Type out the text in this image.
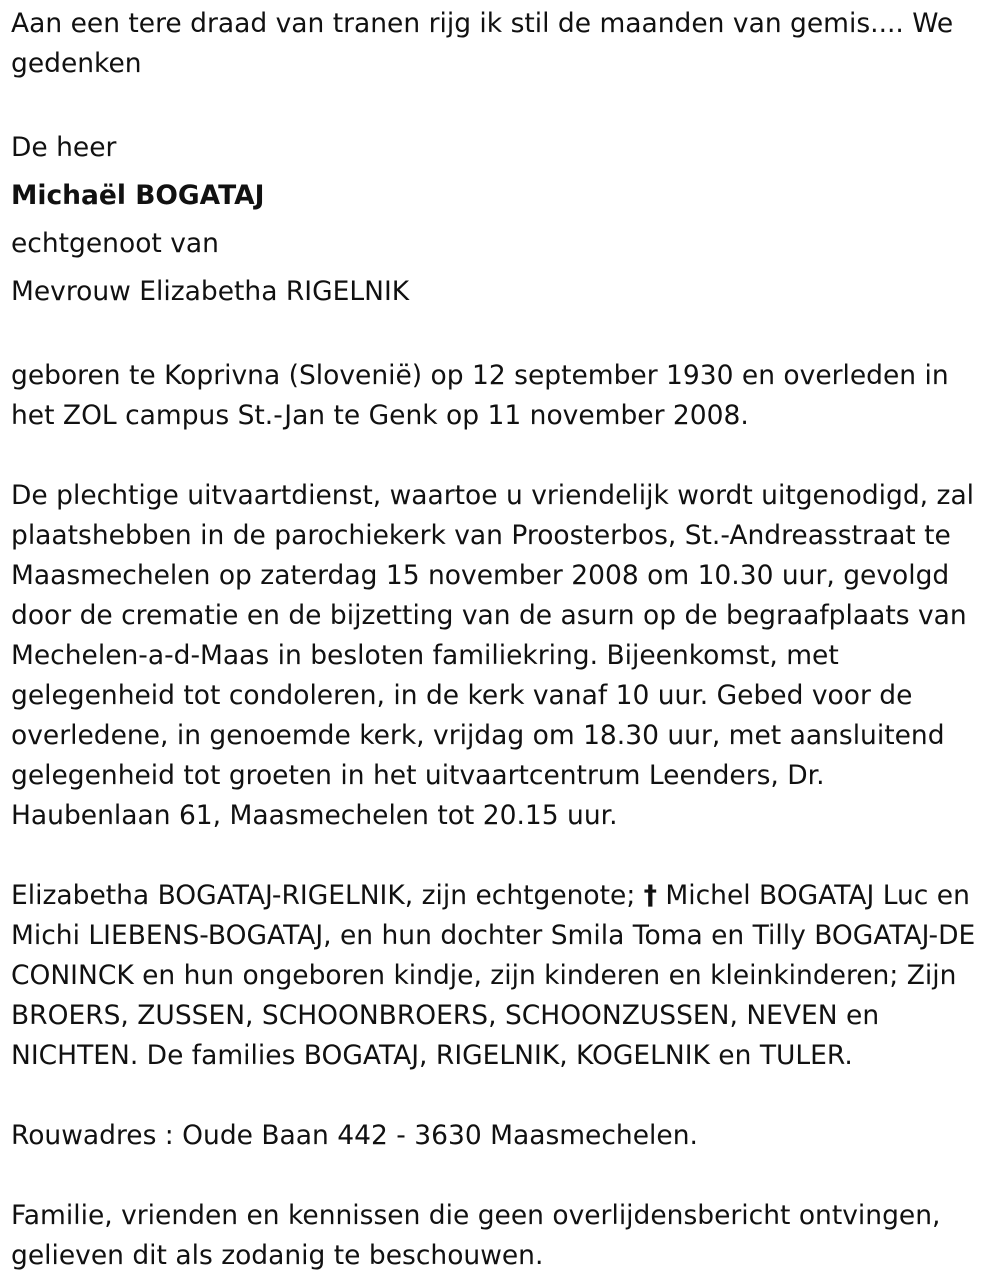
Aan een tere draad van tranen rijg ik stil de maanden van gemis.... We gedenken

De heer

Michaël BOGATAJ

echtgenoot van

Mevrouw Elizabetha RIGELNIK

geboren te Koprivna (Slovenië) op 12 september 1930 en overleden in het ZOL campus St.-Jan te Genk op 11 november 2008.

De plechtige uitvaartdienst, waartoe u vriendelijk wordt uitgenodigd, zal plaatshebben in de parochiekerk van Proosterbos, St.-Andreasstraat te Maasmechelen op zaterdag 15 november 2008 om 10.30 uur, gevolgd door de crematie en de bijzetting van de asurn op de begraafplaats van Mechelen-a-d-Maas in besloten familiekring. Bijeenkomst, met gelegenheid tot condoleren, in de kerk vanaf 10 uur. Gebed voor de overledene, in genoemde kerk, vrijdag om 18.30 uur, met aansluitend gelegenheid tot groeten in het uitvaartcentrum Leenders, Dr. Haubenlaan 61, Maasmechelen tot 20.15 uur.

Elizabetha BOGATAJ-RIGELNIK, zijn echtgenote; † Michel BOGATAJ Luc en Michi LIEBENS-BOGATAJ, en hun dochter Smila Toma en Tilly BOGATAJ-DE CONINCK en hun ongeboren kindje, zijn kinderen en kleinkinderen; Zijn BROERS, ZUSSEN, SCHOONBROERS, SCHOONZUSSEN, NEVEN en NICHTEN. De families BOGATAJ, RIGELNIK, KOGELNIK en TULER.

Rouwadres : Oude Baan 442 - 3630 Maasmechelen.

Familie, vrienden en kennissen die geen overlijdensbericht ontvingen, gelieven dit als zodanig te beschouwen.
